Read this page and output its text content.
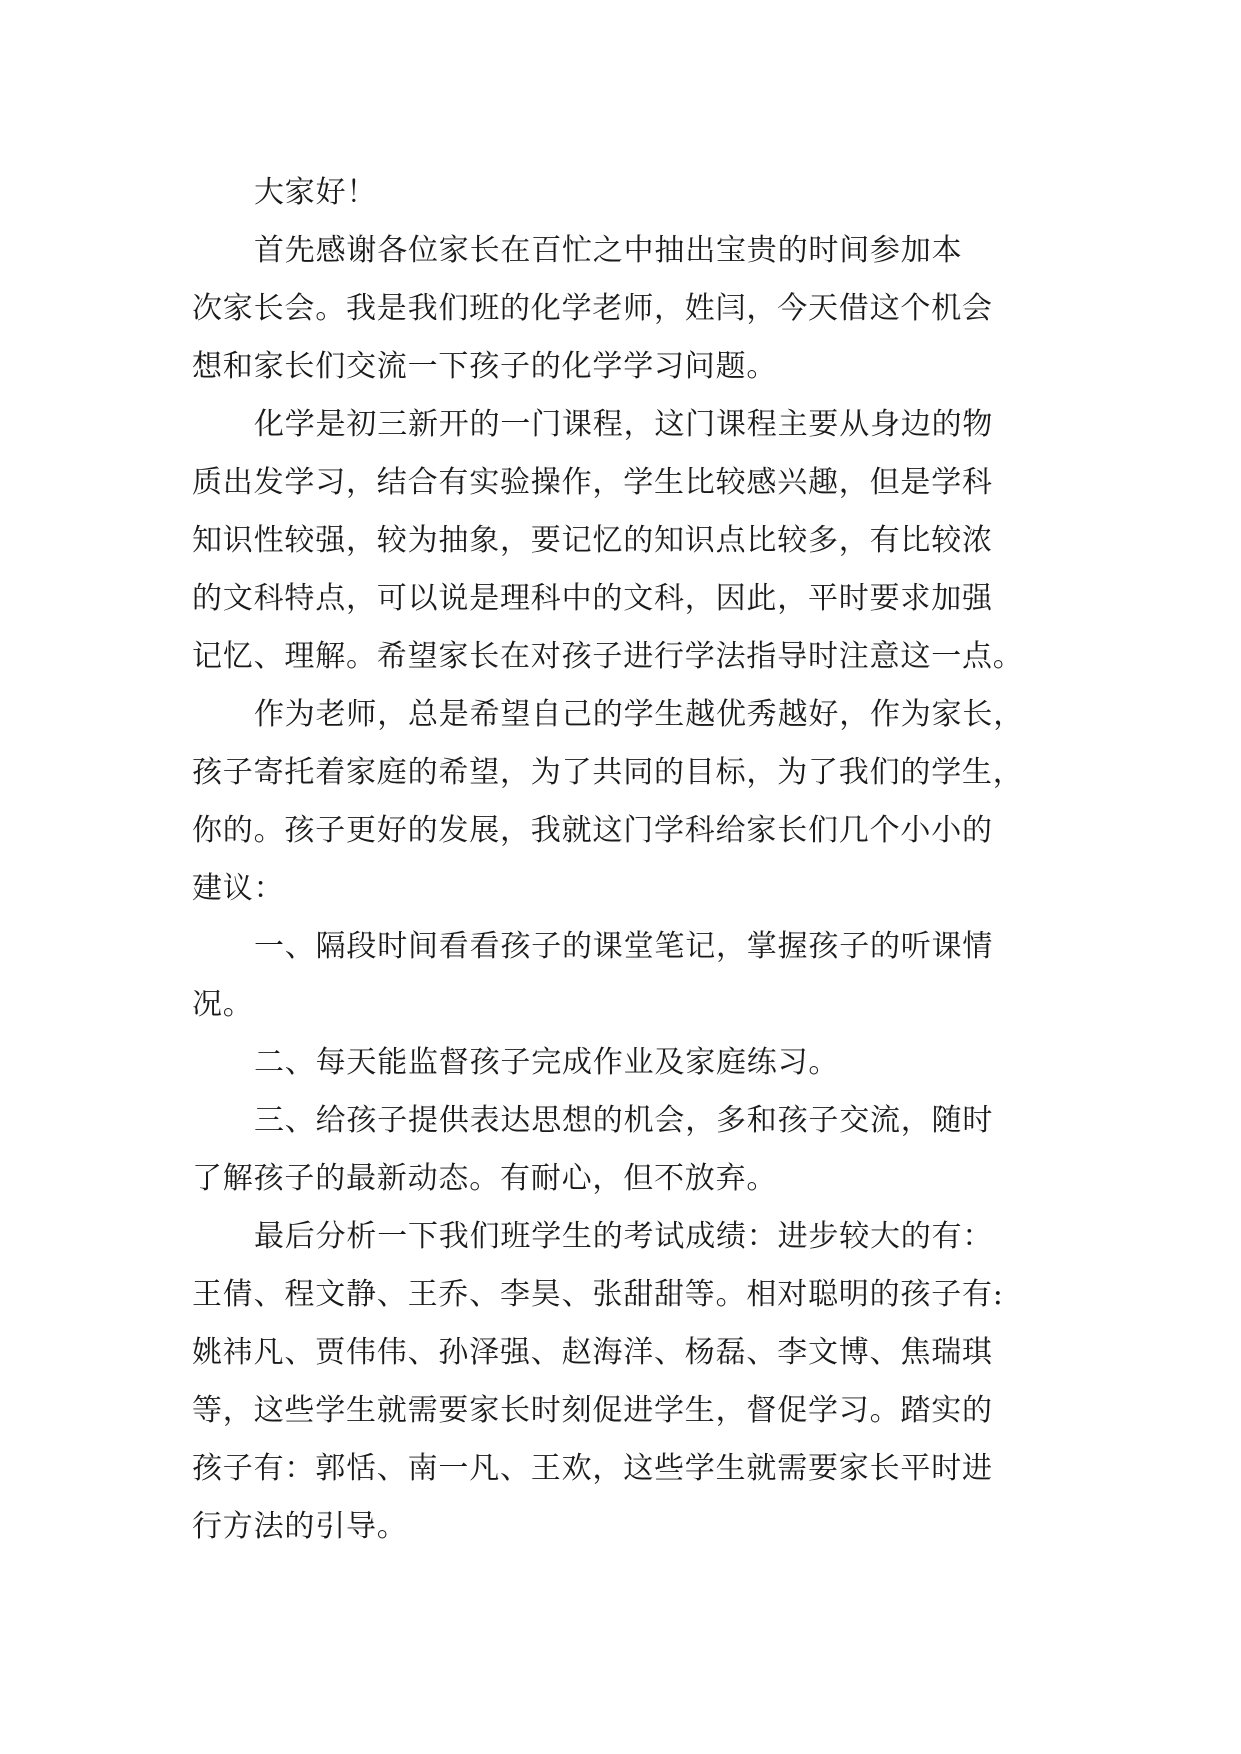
大家好！
首先感谢各位家长在百忙之中抽出宝贵的时间参加本
次家长会。我是我们班的化学老师，姓闫，今天借这个机会
想和家长们交流一下孩子的化学学习问题。
化学是初三新开的一门课程，这门课程主要从身边的物
质出发学习，结合有实验操作，学生比较感兴趣，但是学科
知识性较强，较为抽象，要记忆的知识点比较多，有比较浓
的文科特点，可以说是理科中的文科，因此，平时要求加强
记忆、理解。希望家长在对孩子进行学法指导时注意这一点。
作为老师，总是希望自己的学生越优秀越好，作为家长，
孩子寄托着家庭的希望，为了共同的目标，为了我们的学生，
你的。孩子更好的发展，我就这门学科给家长们几个小小的
建议：
一、隔段时间看看孩子的课堂笔记，掌握孩子的听课情
况。
二、每天能监督孩子完成作业及家庭练习。
三、给孩子提供表达思想的机会，多和孩子交流，随时
了解孩子的最新动态。有耐心，但不放弃。
最后分析一下我们班学生的考试成绩：进步较大的有：
王倩、程文静、王乔、李昊、张甜甜等。相对聪明的孩子有:
姚祎凡、贾伟伟、孙泽强、赵海洋、杨磊、李文博、焦瑞琪
等，这些学生就需要家长时刻促进学生，督促学习。踏实的
孩子有：郭恬、南一凡、王欢，这些学生就需要家长平时进
行方法的引导。
